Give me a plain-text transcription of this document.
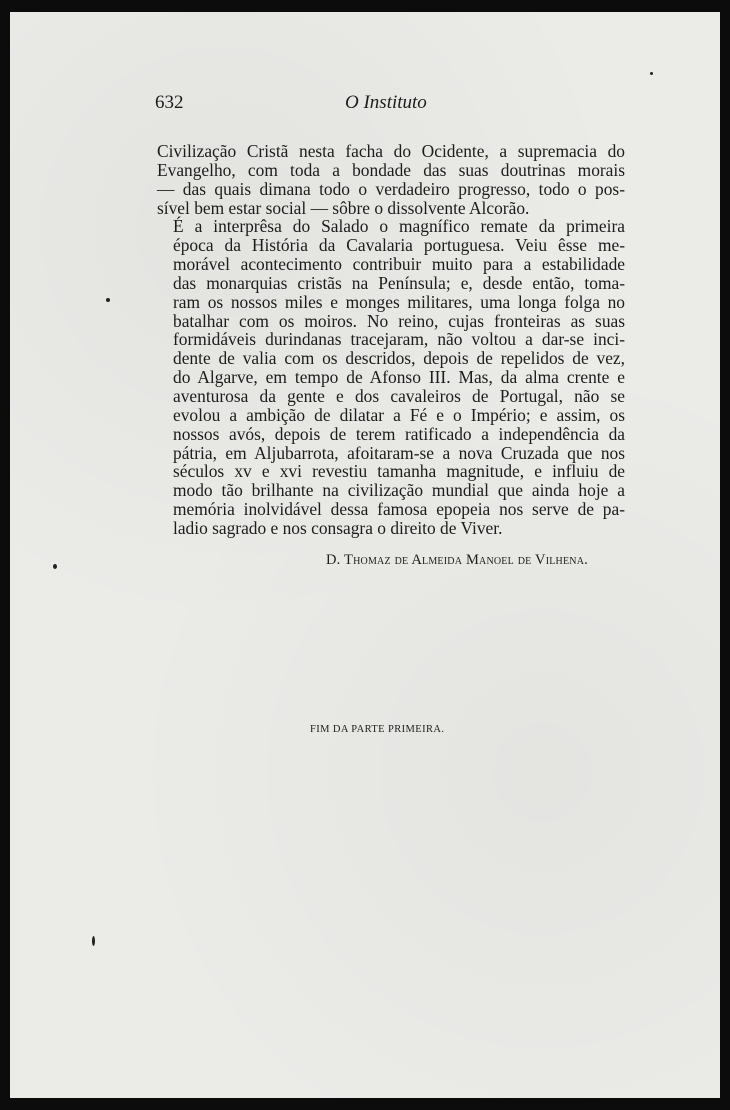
632	O Instituto

Civilização Cristã nesta facha do Ocidente, a supremacia do
Evangelho, com toda a bondade das suas doutrinas morais
— das quais dimana todo o verdadeiro progresso, todo o pos-
sível bem estar social — sôbre o dissolvente Alcorão.

É a interprêsa do Salado o magnífico remate da primeira
época da História da Cavalaria portuguesa. Veiu êsse me-
morável acontecimento contribuir muito para a estabilidade
das monarquias cristãs na Península; e, desde então, toma-
ram os nossos miles e monges militares, uma longa folga no
batalhar com os moiros. No reino, cujas fronteiras as suas
formidáveis durindanas tracejaram, não voltou a dar-se inci-
dente de valia com os descridos, depois de repelidos de vez,
do Algarve, em tempo de Afonso III. Mas, da alma crente e
aventurosa da gente e dos cavaleiros de Portugal, não se
evolou a ambição de dilatar a Fé e o Império; e assim, os
nossos avós, depois de terem ratificado a independência da
pátria, em Aljubarrota, afoitaram-se a nova Cruzada que nos
séculos xv e xvi revestiu tamanha magnitude, e influiu de
modo tão brilhante na civilização mundial que ainda hoje a
memória inolvidável dessa famosa epopeia nos serve de pa-
ladio sagrado e nos consagra o direito de Viver.

D. Thomaz de Almeida Manoel de Vilhena.
FIM DA PARTE PRIMEIRA.
